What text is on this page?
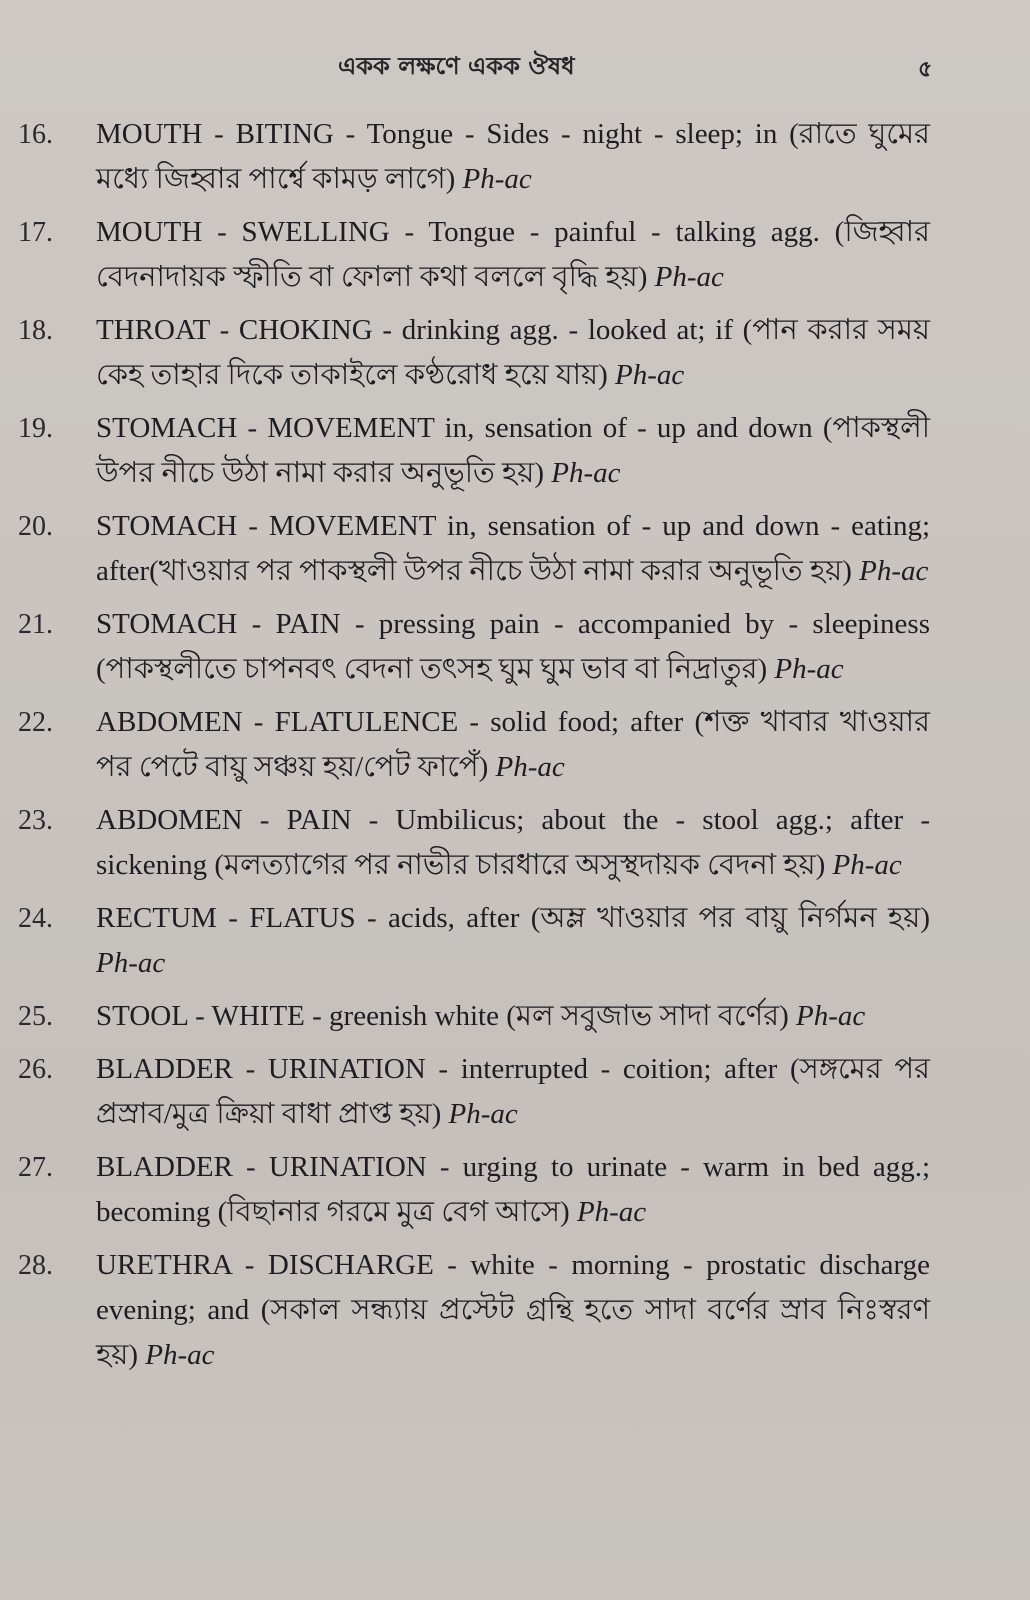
একক লক্ষণে একক ঔষধ	৫
16. MOUTH - BITING - Tongue - Sides - night - sleep; in (রাতে ঘুমের মধ্যে জিহ্বার পার্শ্বে কামড় লাগে) Ph-ac
17. MOUTH - SWELLING - Tongue - painful - talking agg. (জিহ্বার বেদনাদায়ক স্ফীতি বা ফোলা কথা বললে বৃদ্ধি হয়) Ph-ac
18. THROAT - CHOKING - drinking agg. - looked at; if (পান করার সময় কেহ তাহার দিকে তাকাইলে কণ্ঠরোধ হয়ে যায়) Ph-ac
19. STOMACH - MOVEMENT in, sensation of - up and down (পাকস্থলী উপর নীচে উঠা নামা করার অনুভূতি হয়) Ph-ac
20. STOMACH - MOVEMENT in, sensation of - up and down - eating; after(খাওয়ার পর পাকস্থলী উপর নীচে উঠা নামা করার অনুভূতি হয়) Ph-ac
21. STOMACH - PAIN - pressing pain - accompanied by - sleepiness (পাকস্থলীতে চাপনবৎ বেদনা তৎসহ ঘুম ঘুম ভাব বা নিদ্রাতুর) Ph-ac
22. ABDOMEN - FLATULENCE - solid food; after (শক্ত খাবার খাওয়ার পর পেটে বায়ু সঞ্চয় হয়/পেট ফাপেঁ) Ph-ac
23. ABDOMEN - PAIN - Umbilicus; about the - stool agg.; after - sickening (মলত্যাগের পর নাভীর চারধারে অসুস্থদায়ক বেদনা হয়) Ph-ac
24. RECTUM - FLATUS - acids, after (অম্ল খাওয়ার পর বায়ু নির্গমন হয়) Ph-ac
25. STOOL - WHITE - greenish white (মল সবুজাভ সাদা বর্ণের) Ph-ac
26. BLADDER - URINATION - interrupted - coition; after (সঙ্গমের পর প্রস্রাব/মুত্র ক্রিয়া বাধা প্রাপ্ত হয়) Ph-ac
27. BLADDER - URINATION - urging to urinate - warm in bed agg.; becoming (বিছানার গরমে মুত্র বেগ আসে) Ph-ac
28. URETHRA - DISCHARGE - white - morning - prostatic discharge evening; and (সকাল সন্ধ্যায় প্রস্টেট গ্রন্থি হতে সাদা বর্ণের স্রাব নিঃস্বরণ হয়) Ph-ac
